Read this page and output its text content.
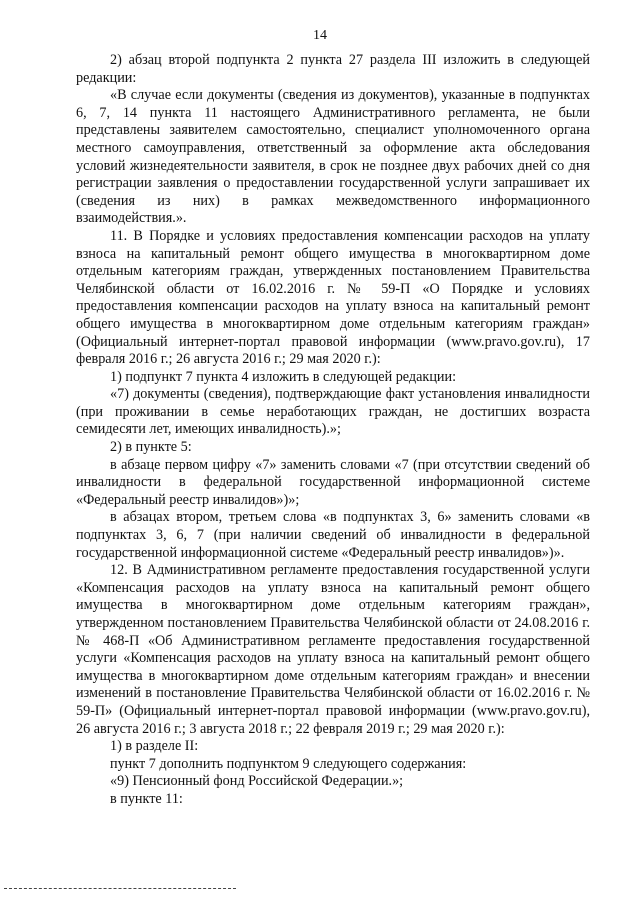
14

2) абзац второй подпункта 2 пункта 27 раздела III изложить в следующей редакции:

«В случае если документы (сведения из документов), указанные в подпунктах 6, 7, 14 пункта 11 настоящего Административного регламента, не были представлены заявителем самостоятельно, специалист уполномоченного органа местного самоуправления, ответственный за оформление акта обследования условий жизнедеятельности заявителя, в срок не позднее двух рабочих дней со дня регистрации заявления о предоставлении государственной услуги запрашивает их (сведения из них) в рамках межведомственного информационного взаимодействия.».

11. В Порядке и условиях предоставления компенсации расходов на уплату взноса на капитальный ремонт общего имущества в многоквартирном доме отдельным категориям граждан, утвержденных постановлением Правительства Челябинской области от 16.02.2016 г. № 59-П «О Порядке и условиях предоставления компенсации расходов на уплату взноса на капитальный ремонт общего имущества в многоквартирном доме отдельным категориям граждан» (Официальный интернет-портал правовой информации (www.pravo.gov.ru), 17 февраля 2016 г.; 26 августа 2016 г.; 29 мая 2020 г.):

1) подпункт 7 пункта 4 изложить в следующей редакции:

«7) документы (сведения), подтверждающие факт установления инвалидности (при проживании в семье неработающих граждан, не достигших возраста семидесяти лет, имеющих инвалидность).»;

2) в пункте 5:

в абзаце первом цифру «7» заменить словами «7 (при отсутствии сведений об инвалидности в федеральной государственной информационной системе «Федеральный реестр инвалидов»)»;

в абзацах втором, третьем слова «в подпунктах 3, 6» заменить словами «в подпунктах 3, 6, 7 (при наличии сведений об инвалидности в федеральной государственной информационной системе «Федеральный реестр инвалидов»)».

12. В Административном регламенте предоставления государственной услуги «Компенсация расходов на уплату взноса на капитальный ремонт общего имущества в многоквартирном доме отдельным категориям граждан», утвержденном постановлением Правительства Челябинской области от 24.08.2016 г. № 468-П «Об Административном регламенте предоставления государственной услуги «Компенсация расходов на уплату взноса на капитальный ремонт общего имущества в многоквартирном доме отдельным категориям граждан» и внесении изменений в постановление Правительства Челябинской области от 16.02.2016 г. № 59-П» (Официальный интернет-портал правовой информации (www.pravo.gov.ru), 26 августа 2016 г.; 3 августа 2018 г.; 22 февраля 2019 г.; 29 мая 2020 г.):

1) в разделе II:

пункт 7 дополнить подпунктом 9 следующего содержания:

«9) Пенсионный фонд Российской Федерации.»;

в пункте 11:
